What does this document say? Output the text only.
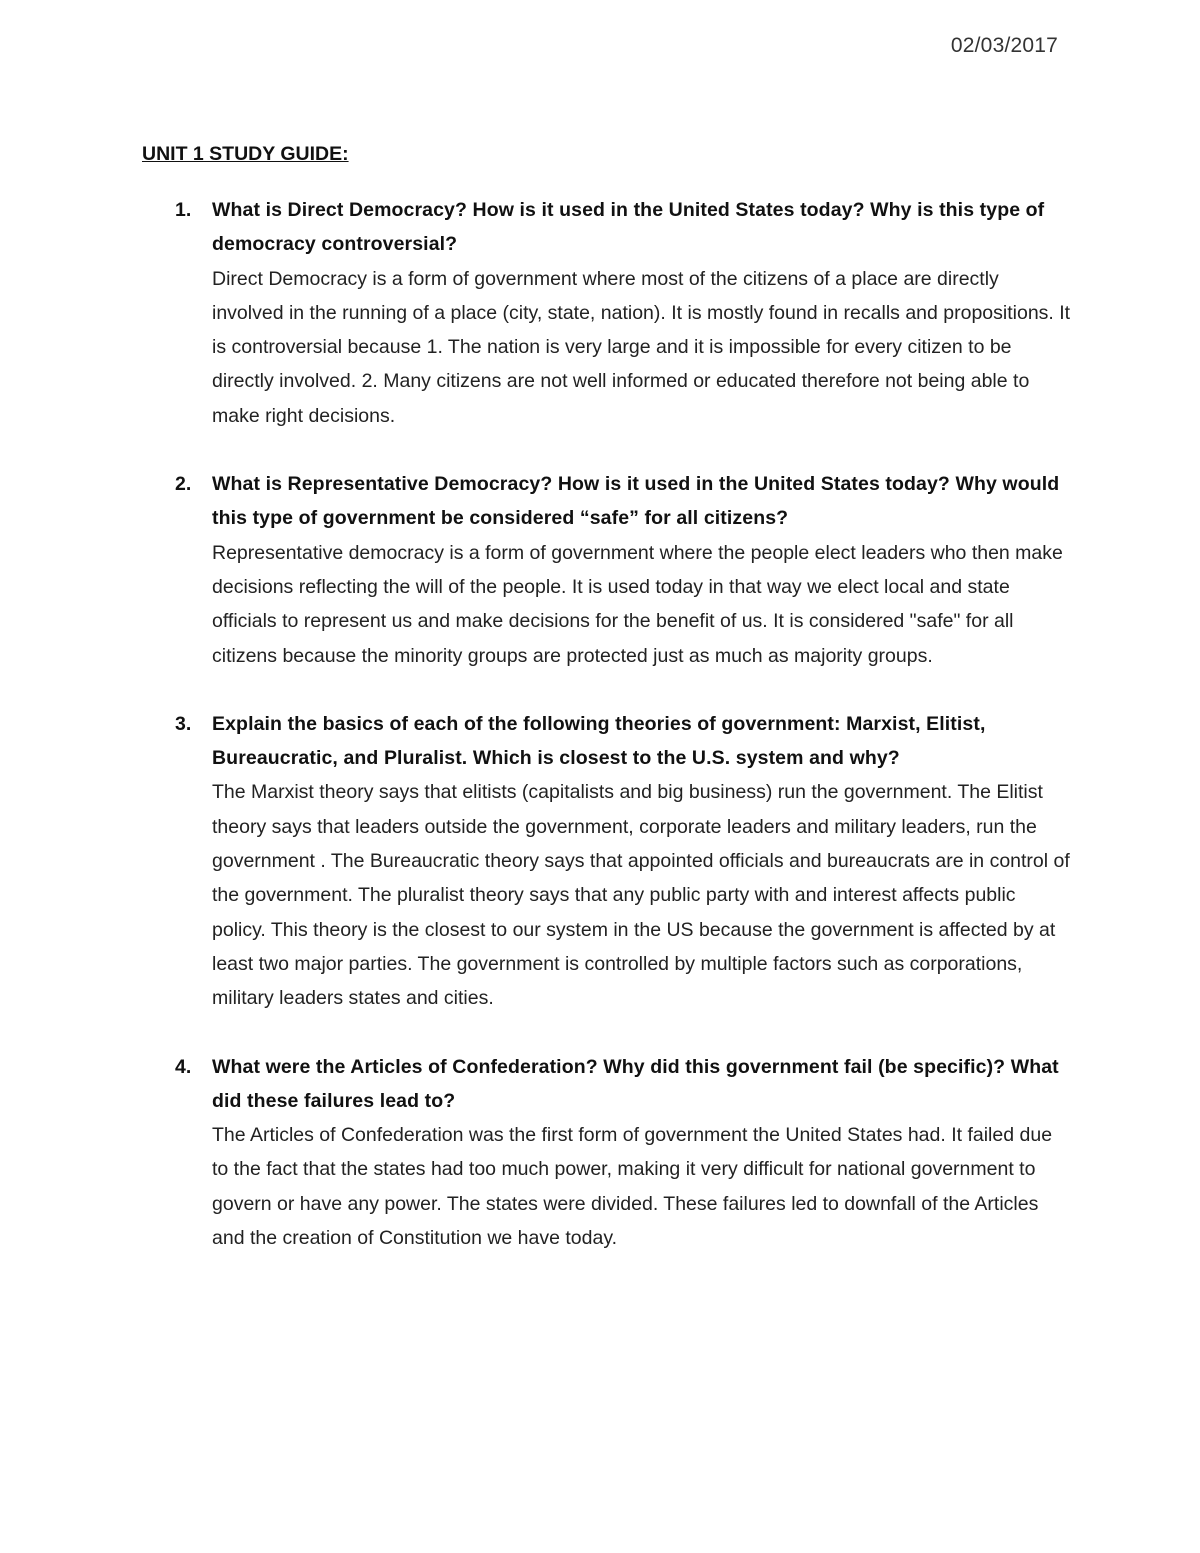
02/03/2017
UNIT 1 STUDY GUIDE:
1. What is Direct Democracy? How is it used in the United States today? Why is this type of democracy controversial?
Direct Democracy is a form of government where most of the citizens of a place are directly involved in the running of a place (city, state, nation). It is mostly found in recalls and propositions. It is controversial because 1. The nation is very large and it is impossible for every citizen to be directly involved. 2. Many citizens are not well informed or educated therefore not being able to make right decisions.
2. What is Representative Democracy? How is it used in the United States today? Why would this type of government be considered “safe” for all citizens?
Representative democracy is a form of government where the people elect leaders who then make decisions reflecting the will of the people. It is used today in that way we elect local and state officials to represent us and make decisions for the benefit of us. It is considered "safe" for all citizens because the minority groups are protected just as much as majority groups.
3. Explain the basics of each of the following theories of government: Marxist, Elitist, Bureaucratic, and Pluralist. Which is closest to the U.S. system and why?
The Marxist theory says that elitists (capitalists and big business) run the government. The Elitist theory says that leaders outside the government, corporate leaders and military leaders, run the government . The Bureaucratic theory says that appointed officials and bureaucrats are in control of the government. The pluralist theory says that any public party with and interest affects public policy. This theory is the closest to our system in the US because the government is affected by at least two major parties. The government is controlled by multiple factors such as corporations, military leaders states and cities.
4. What were the Articles of Confederation? Why did this government fail (be specific)? What did these failures lead to?
The Articles of Confederation was the first form of government the United States had. It failed due to the fact that the states had too much power, making it very difficult for national government to govern or have any power. The states were divided. These failures led to downfall of the Articles and the creation of Constitution we have today.
